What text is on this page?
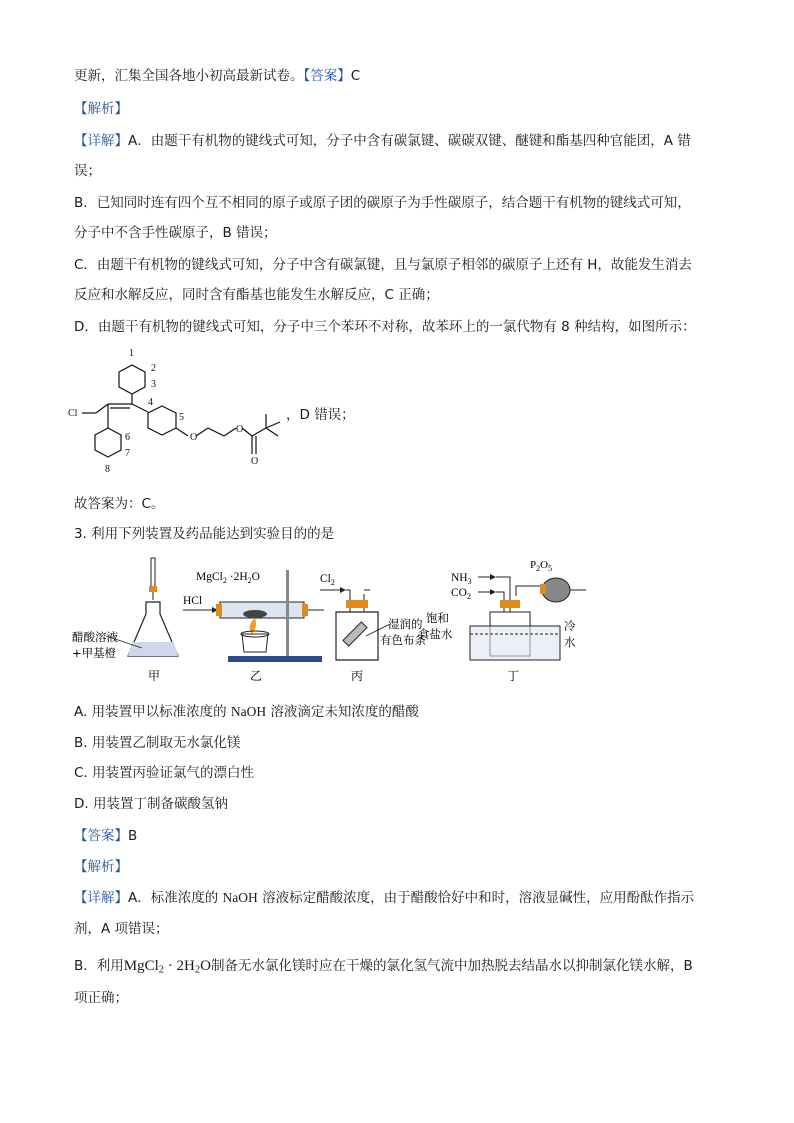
更新，汇集全国各地小初高最新试卷。【答案】C
【解析】
【详解】A．由题干有机物的键线式可知，分子中含有碳氯键、碳碳双键、醚键和酯基四种官能团，A 错
误；
B．已知同时连有四个互不相同的原子或原子团的碳原子为手性碳原子，结合题干有机物的键线式可知，
分子中不含手性碳原子，B 错误；
C．由题干有机物的键线式可知，分子中含有碳氯键，且与氯原子相邻的碳原子上还有 H，故能发生消去
反应和水解反应，同时含有酯基也能发生水解反应，C 正确；
D．由题干有机物的键线式可知，分子中三个苯环不对称，故苯环上的一氯代物有 8 种结构，如图所示：
Cl
O
O
O
1
2
3
4
5
6
7
8
，D 错误；
故答案为：C。
3. 利用下列装置及药品能达到实验目的的是
醋酸溶液
+甲基橙
甲
MgCl$_2$ $\cdot 2H_2O$
HCl
乙
$Cl_2$
湿润的
有色布条
丙
$NH_3$
$CO_2$
$P_2O_5$
饱和
食盐水
冷
水
丁
A. 用装置甲以标准浓度的 NaOH 溶液滴定未知浓度的醋酸
B. 用装置乙制取无水氯化镁
C. 用装置丙验证氯气的漂白性
D. 用装置丁制备碳酸氢钠
【答案】B
【解析】
【详解】A．标准浓度的 NaOH 溶液标定醋酸浓度，由于醋酸恰好中和时，溶液显碱性，应用酚酞作指示
剂，A 项错误；
B．利用MgCl$_2$ · $2H_2O$制备无水氯化镁时应在干燥的氯化氢气流中加热脱去结晶水以抑制氯化镁水解，B
项正确；
